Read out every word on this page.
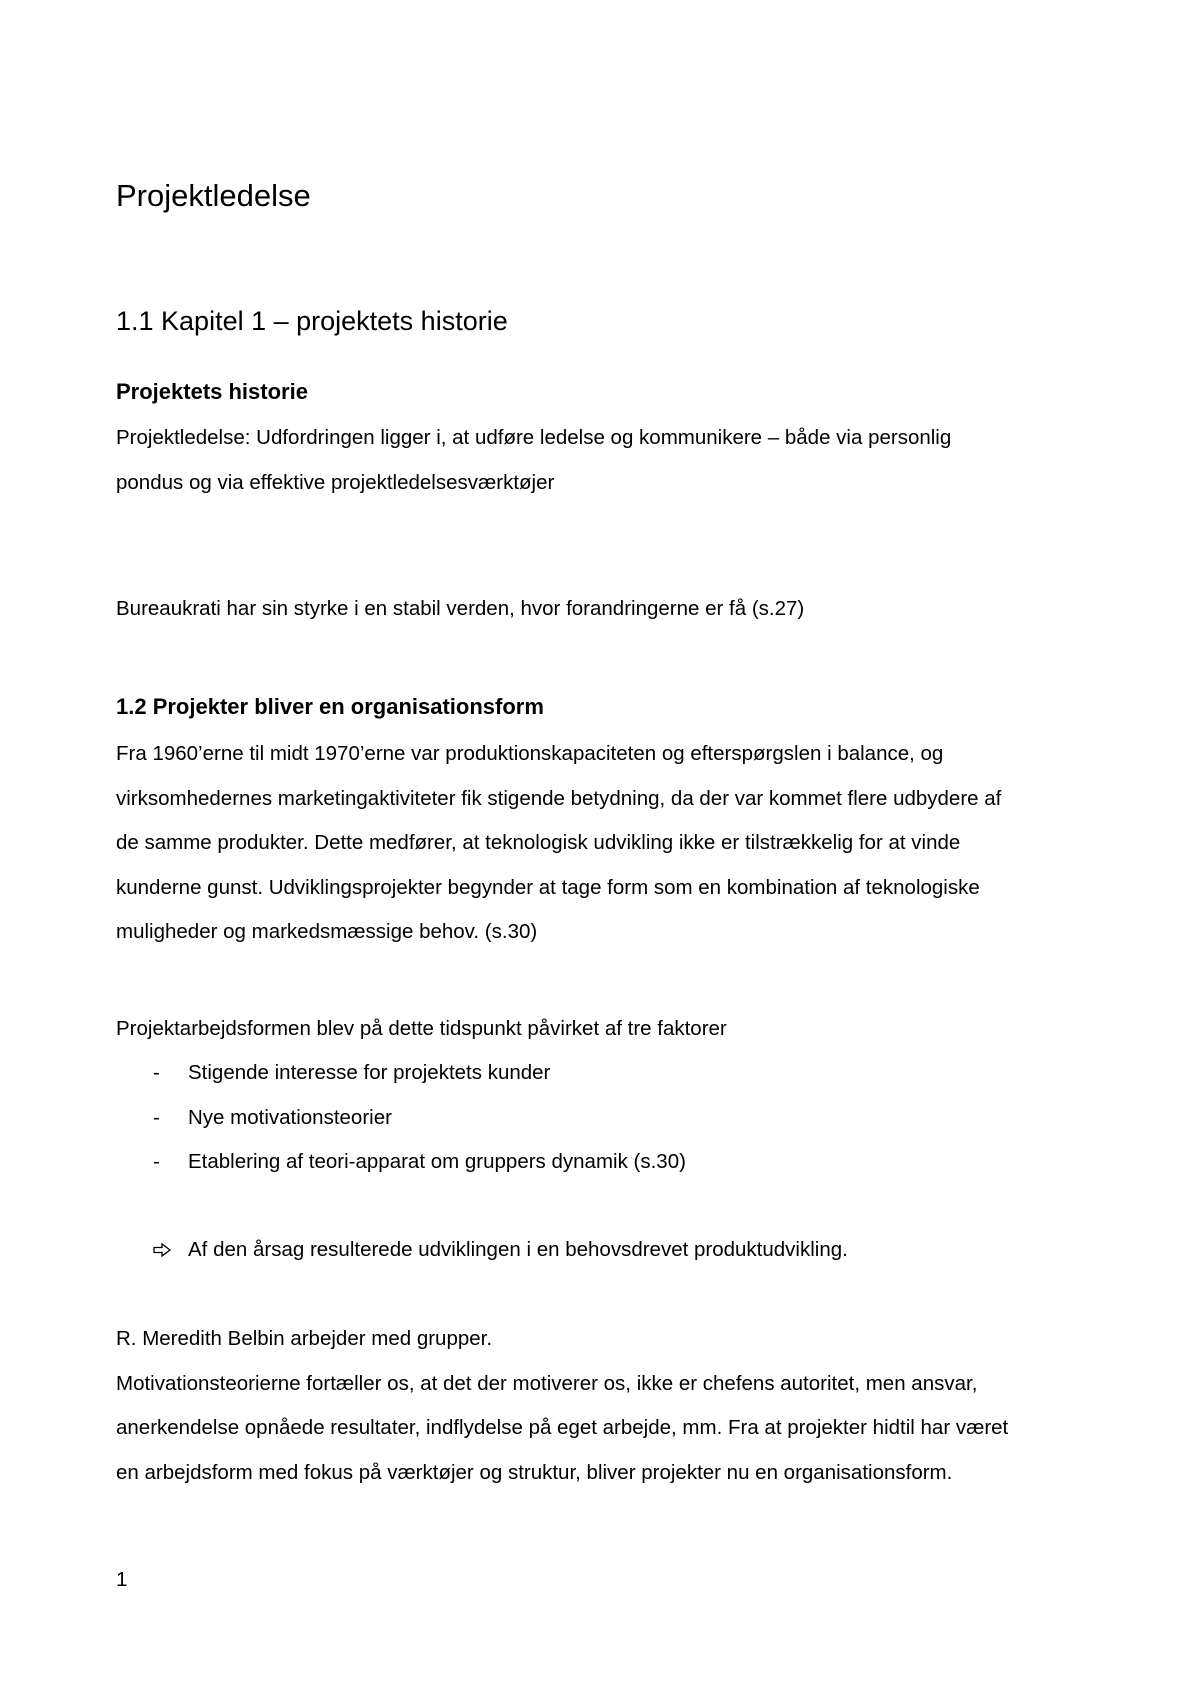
Projektledelse
1.1 Kapitel 1 – projektets historie
Projektets historie

Projektledelse: Udfordringen ligger i, at udføre ledelse og kommunikere – både via personlig
pondus og via effektive projektledelsesværktøjer

Bureaukrati har sin styrke i en stabil verden, hvor forandringerne er få (s.27)

1.2 Projekter bliver en organisationsform

Fra 1960’erne til midt 1970’erne var produktionskapaciteten og efterspørgslen i balance, og
virksomhedernes marketingaktiviteter fik stigende betydning, da der var kommet flere udbydere af
de samme produkter. Dette medfører, at teknologisk udvikling ikke er tilstrækkelig for at vinde
kunderne gunst. Udviklingsprojekter begynder at tage form som en kombination af teknologiske
muligheder og markedsmæssige behov. (s.30)

Projektarbejdsformen blev på dette tidspunkt påvirket af tre faktorer

- Stigende interesse for projektets kunder
- Nye motivationsteorier
- Etablering af teori-apparat om gruppers dynamik (s.30)
Af den årsag resulterede udviklingen i en behovsdrevet produktudvikling.

R. Meredith Belbin arbejder med grupper.
Motivationsteorierne fortæller os, at det der motiverer os, ikke er chefens autoritet, men ansvar,
anerkendelse opnåede resultater, indflydelse på eget arbejde, mm. Fra at projekter hidtil har været
en arbejdsform med fokus på værktøjer og struktur, bliver projekter nu en organisationsform.

1
